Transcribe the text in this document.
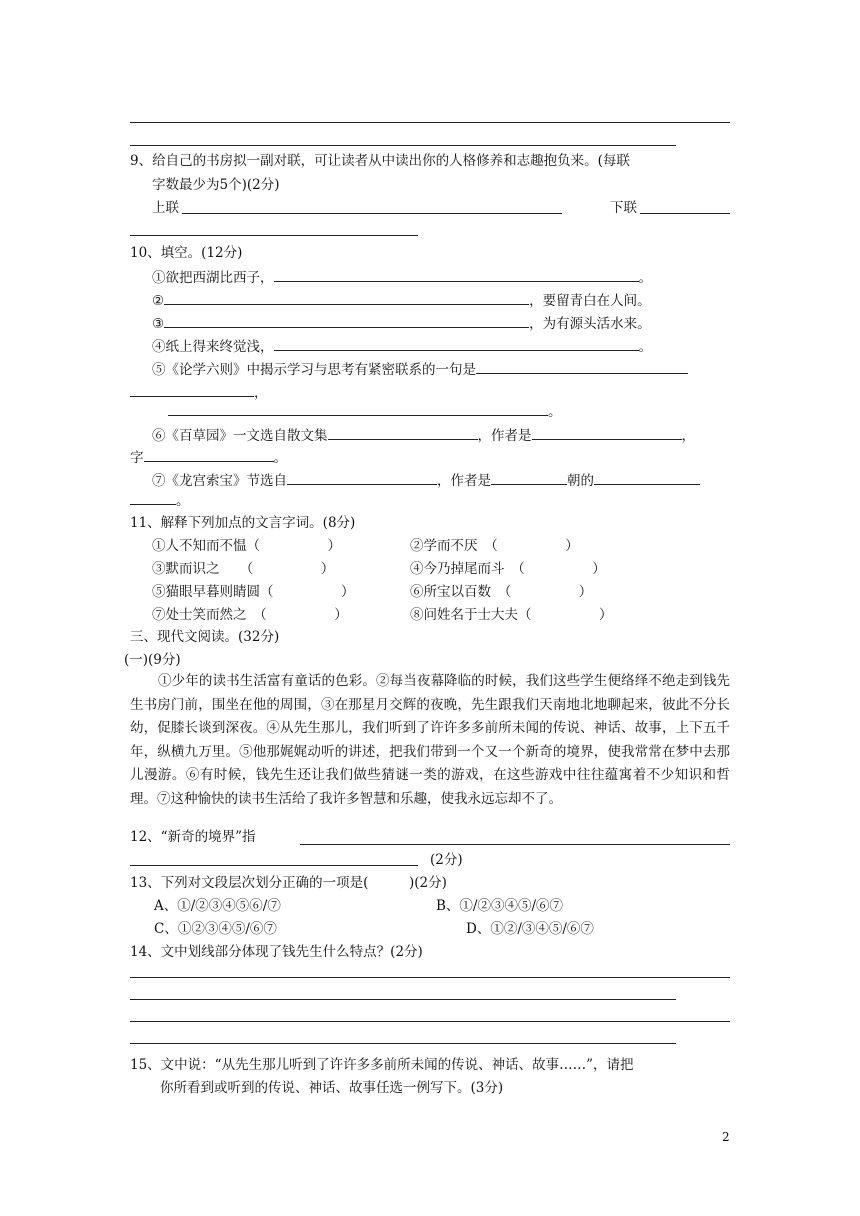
9、给自己的书房拟一副对联，可让读者从中读出你的人格修养和志趣抱负来。(每联
字数最少为5个)(2分)
上联	下联
10、填空。(12分)
①欲把西湖比西子，	。
②	，要留青白在人间。
③	，为有源头活水来。
④纸上得来终觉浅，	。
⑤《论学六则》中揭示学习与思考有紧密联系的一句是
，
。
⑥《百草园》一文选自散文集	，作者是	，
字	。
⑦《龙宫索宝》节选自	，作者是	朝的
。
11、解释下列加点的文言字词。(8分)
①人不知而不愠（　　　　　）	②学而不厌　（　　　　　）
③默而识之　　（　　　　　）	④今乃掉尾而斗　（　　　　　）
⑤猫眼早暮则睛圆（　　　　　）	⑥所宝以百数　（　　　　　）
⑦处士笑而然之　（　　　　　）	⑧问姓名于士大夫（　　　　　）
三、现代文阅读。(32分)
(一)(9分)
①少年的读书生活富有童话的色彩。②每当夜幕降临的时候，我们这些学生便络绎不绝走到钱先生书房门前，围坐在他的周围，③在那星月交辉的夜晚，先生跟我们天南地北地聊起来，彼此不分长幼，促膝长谈到深夜。④从先生那儿，我们听到了许许多多前所未闻的传说、神话、故事，上下五千年，纵横九万里。⑤他那娓娓动听的讲述，把我们带到一个又一个新奇的境界，使我常常在梦中去那儿漫游。⑥有时候，钱先生还让我们做些猜谜一类的游戏，在这些游戏中往往蕴寓着不少知识和哲理。⑦这种愉快的读书生活给了我许多智慧和乐趣，使我永远忘却不了。
12、“新奇的境界”指
(2分)
13、下列对文段层次划分正确的一项是(　　　)(2分)
A、①/②③④⑤⑥/⑦	B、①/②③④⑤/⑥⑦
C、①②③④⑤/⑥⑦	D、①②/③④⑤/⑥⑦
14、文中划线部分体现了钱先生什么特点？(2分)
15、文中说：“从先生那儿听到了许许多多前所未闻的传说、神话、故事……”，请把
你所看到或听到的传说、神话、故事任选一例写下。(3分)
2
